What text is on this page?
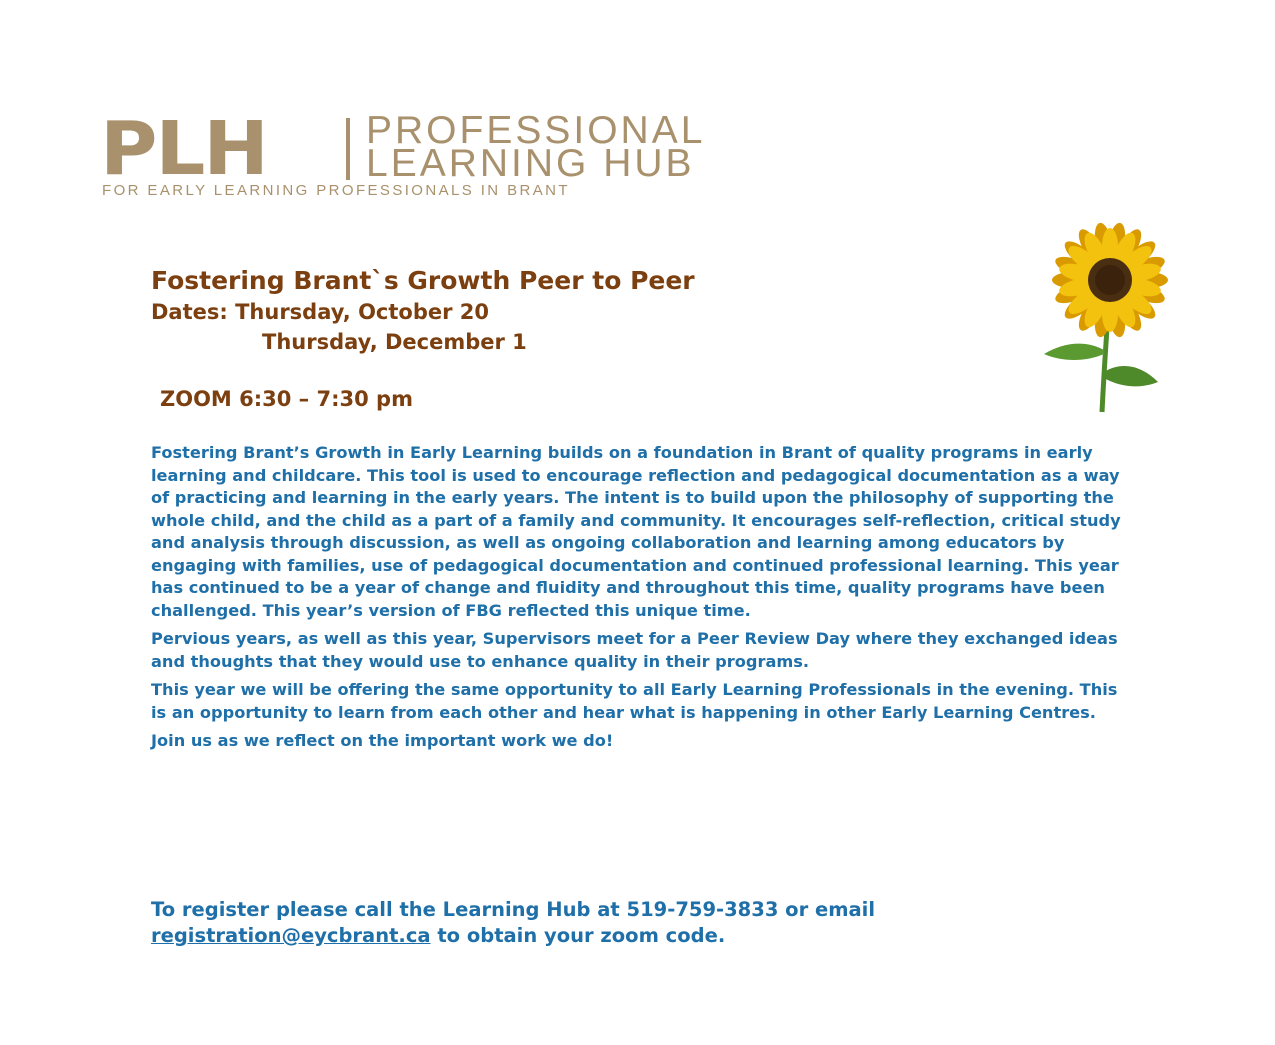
PLH	PROFESSIONAL
LEARNING HUB
FOR EARLY LEARNING PROFESSIONALS IN BRANT
Fostering Brant`s Growth Peer to Peer
Dates: Thursday, October 20
Thursday, December 1
ZOOM 6:30 – 7:30 pm

Fostering Brant’s Growth in Early Learning builds on a foundation in Brant of quality programs in early learning and childcare. This tool is used to encourage reflection and pedagogical documentation as a way of practicing and learning in the early years. The intent is to build upon the philosophy of supporting the whole child, and the child as a part of a family and community. It encourages self-reflection, critical study and analysis through discussion, as well as ongoing collaboration and learning among educators by engaging with families, use of pedagogical documentation and continued professional learning. This year has continued to be a year of change and fluidity and throughout this time, quality programs have been challenged. This year’s version of FBG reflected this unique time.

Pervious years, as well as this year, Supervisors meet for a Peer Review Day where they exchanged ideas and thoughts that they would use to enhance quality in their programs.

This year we will be offering the same opportunity to all Early Learning Professionals in the evening. This is an opportunity to learn from each other and hear what is happening in other Early Learning Centres.

Join us as we reflect on the important work we do!

To register please call the Learning Hub at 519-759-3833 or email
registration@eycbrant.ca to obtain your zoom code.
